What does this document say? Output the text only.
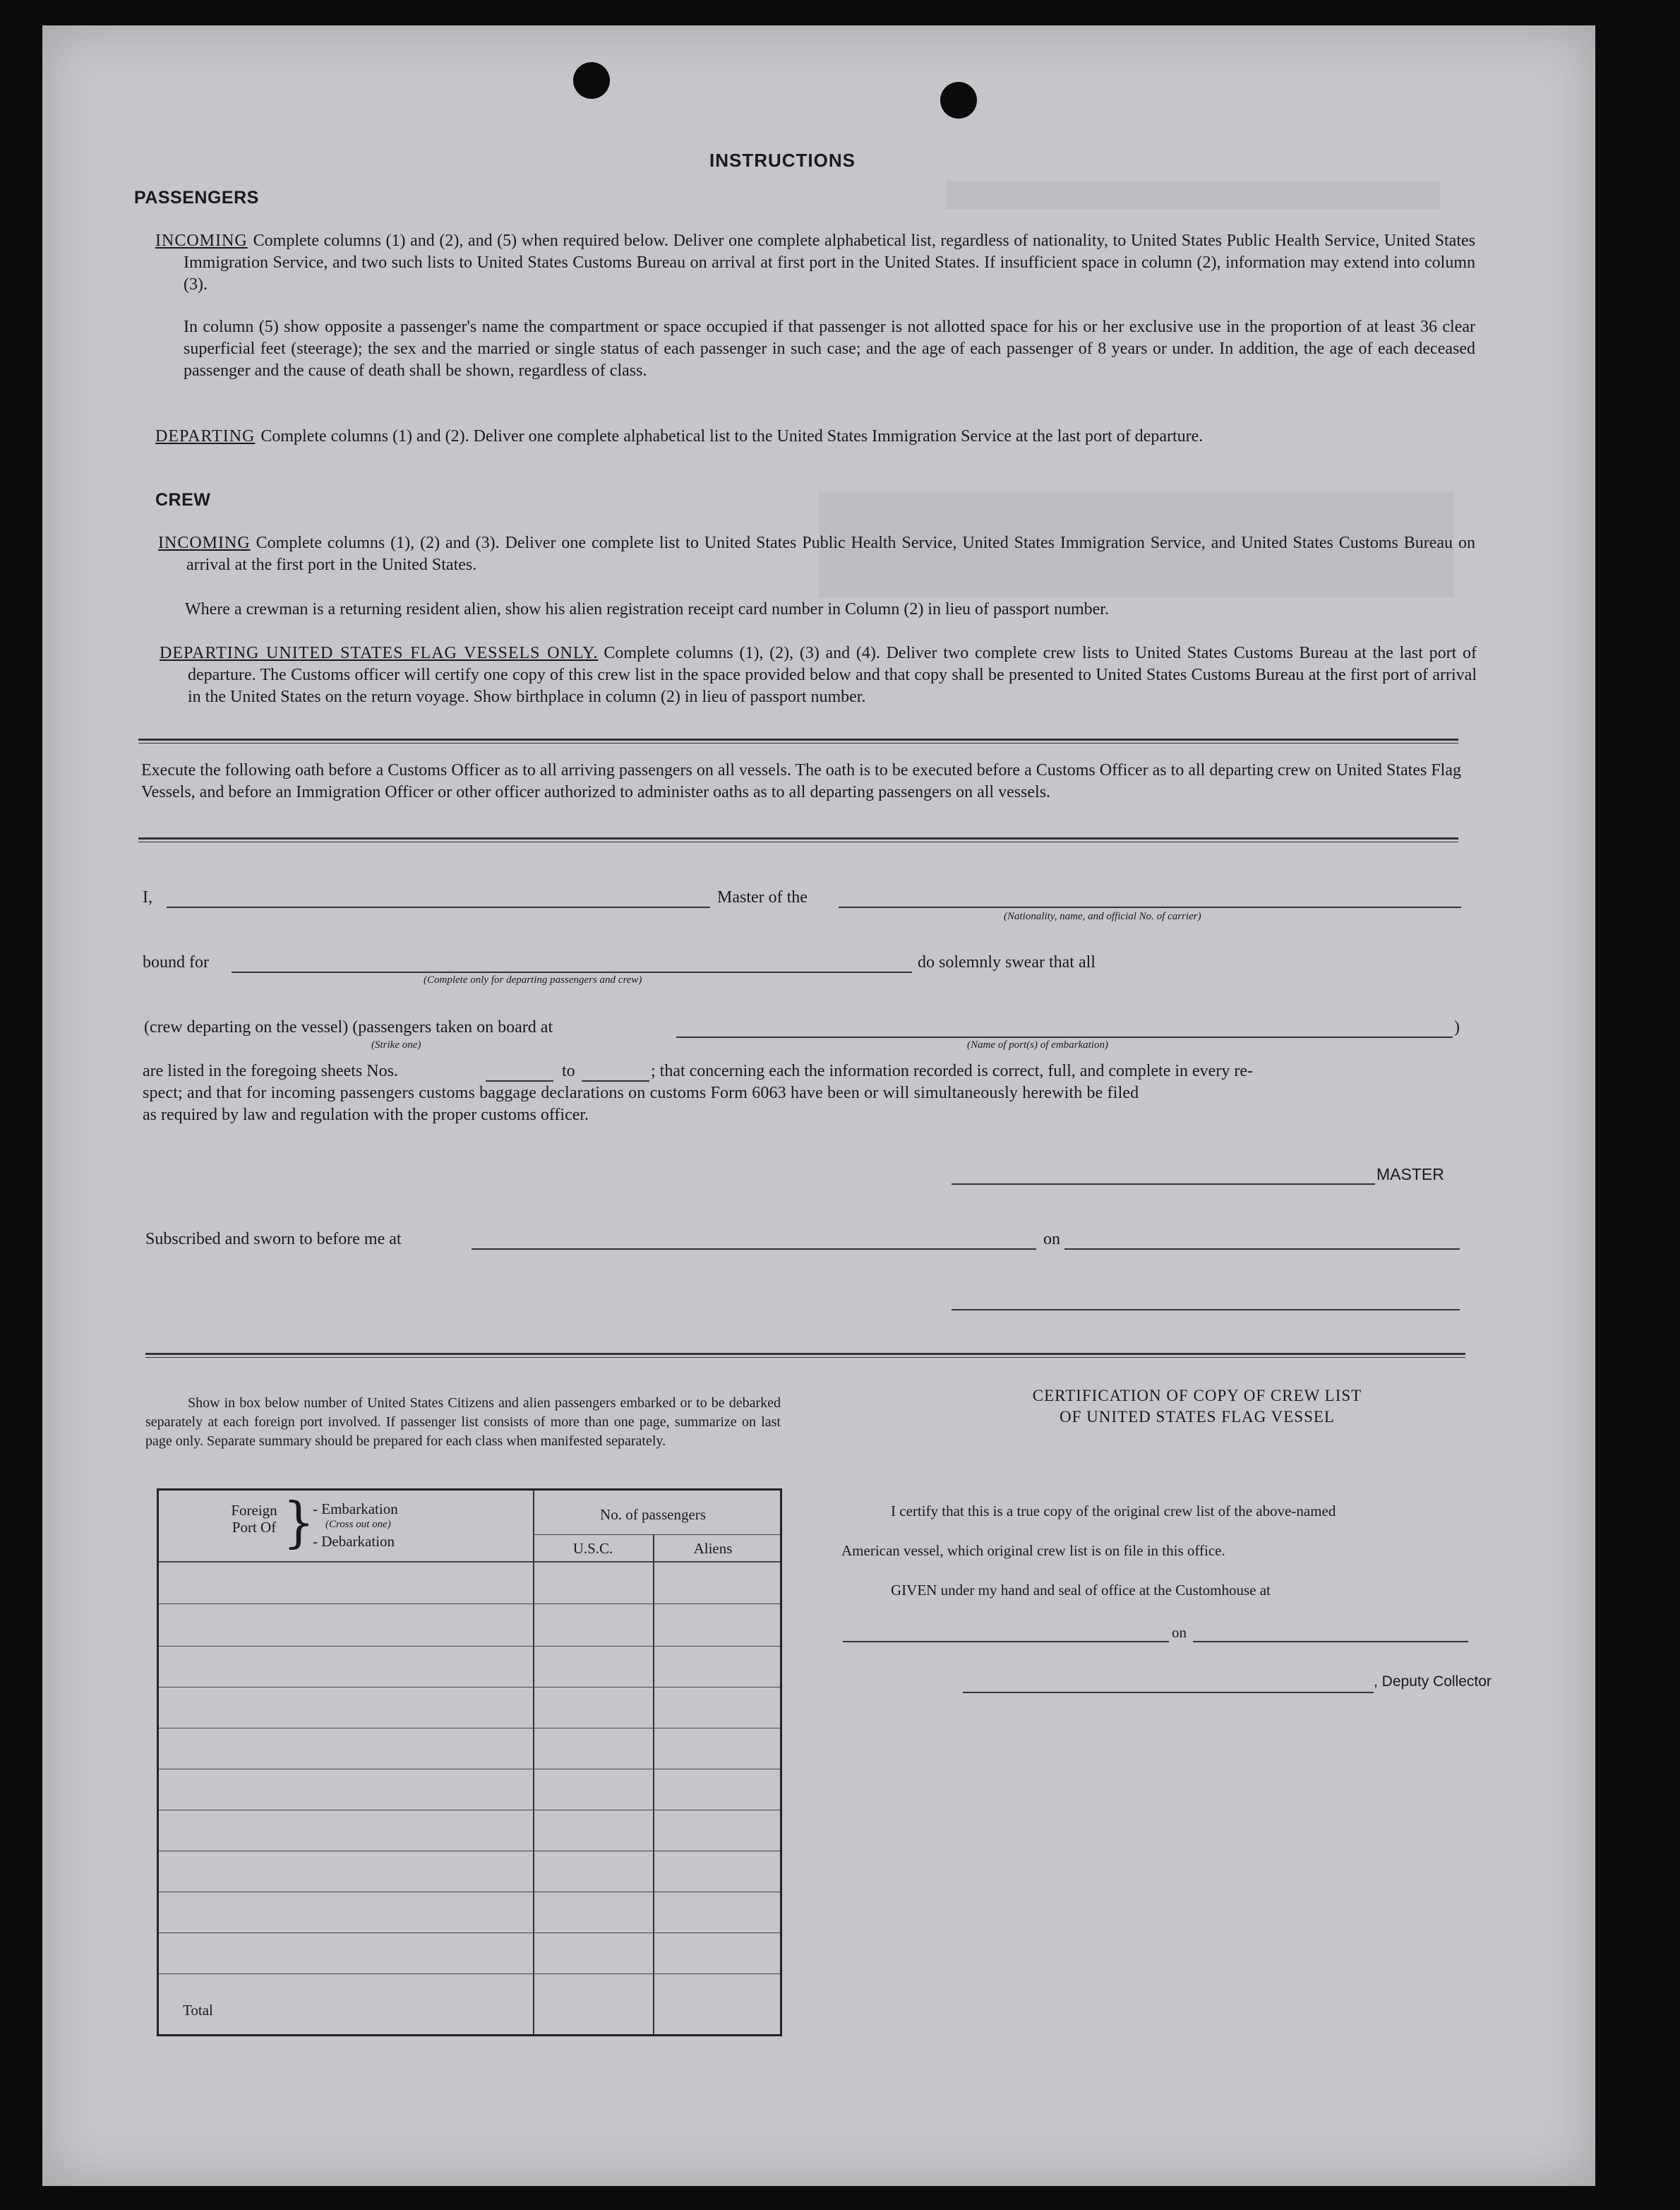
INSTRUCTIONS
PASSENGERS
INCOMING Complete columns (1) and (2), and (5) when required below. Deliver one complete alphabetical list, regardless of nationality, to United States Public Health Service, United States Immigration Service, and two such lists to United States Customs Bureau on arrival at first port in the United States. If insufficient space in column (2), information may extend into column (3).
In column (5) show opposite a passenger's name the compartment or space occupied if that passenger is not allotted space for his or her exclusive use in the proportion of at least 36 clear superficial feet (steerage); the sex and the married or single status of each passenger in such case; and the age of each passenger of 8 years or under. In addition, the age of each deceased passenger and the cause of death shall be shown, regardless of class.
DEPARTING Complete columns (1) and (2). Deliver one complete alphabetical list to the United States Immigration Service at the last port of departure.
CREW
INCOMING Complete columns (1), (2) and (3). Deliver one complete list to United States Public Health Service, United States Immigration Service, and United States Customs Bureau on arrival at the first port in the United States.
Where a crewman is a returning resident alien, show his alien registration receipt card number in Column (2) in lieu of passport number.
DEPARTING UNITED STATES FLAG VESSELS ONLY. Complete columns (1), (2), (3) and (4). Deliver two complete crew lists to United States Customs Bureau at the last port of departure. The Customs officer will certify one copy of this crew list in the space provided below and that copy shall be presented to United States Customs Bureau at the first port of arrival in the United States on the return voyage. Show birthplace in column (2) in lieu of passport number.
Execute the following oath before a Customs Officer as to all arriving passengers on all vessels. The oath is to be executed before a Customs Officer as to all departing crew on United States Flag Vessels, and before an Immigration Officer or other officer authorized to administer oaths as to all departing passengers on all vessels.
I,	Master of the
(Nationality, name, and official No. of carrier)
bound for
(Complete only for departing passengers and crew)
do solemnly swear that all
(crew departing on the vessel) (passengers taken on board at	)
(Strike one)	(Name of port(s) of embarkation)
are listed in the foregoing sheets Nos.	to	; that concerning each the information recorded is correct, full, and complete in every re-
spect; and that for incoming passengers customs baggage declarations on customs Form 6063 have been or will simultaneously herewith be filed
as required by law and regulation with the proper customs officer.
MASTER
Subscribed and sworn to before me at	on
Show in box below number of United States Citizens and alien passengers embarked or to be debarked separately at each foreign port involved. If passenger list consists of more than one page, summarize on last page only. Separate summary should be prepared for each class when manifested separately.
Foreign Port Of }
- Embarkation
(Cross out one)
- Debarkation
No. of passengers
U.S.C.	Aliens
Total
CERTIFICATION OF COPY OF CREW LIST
OF UNITED STATES FLAG VESSEL
I certify that this is a true copy of the original crew list of the above-named
American vessel, which original crew list is on file in this office.
GIVEN under my hand and seal of office at the Customhouse at
on
, Deputy Collector
